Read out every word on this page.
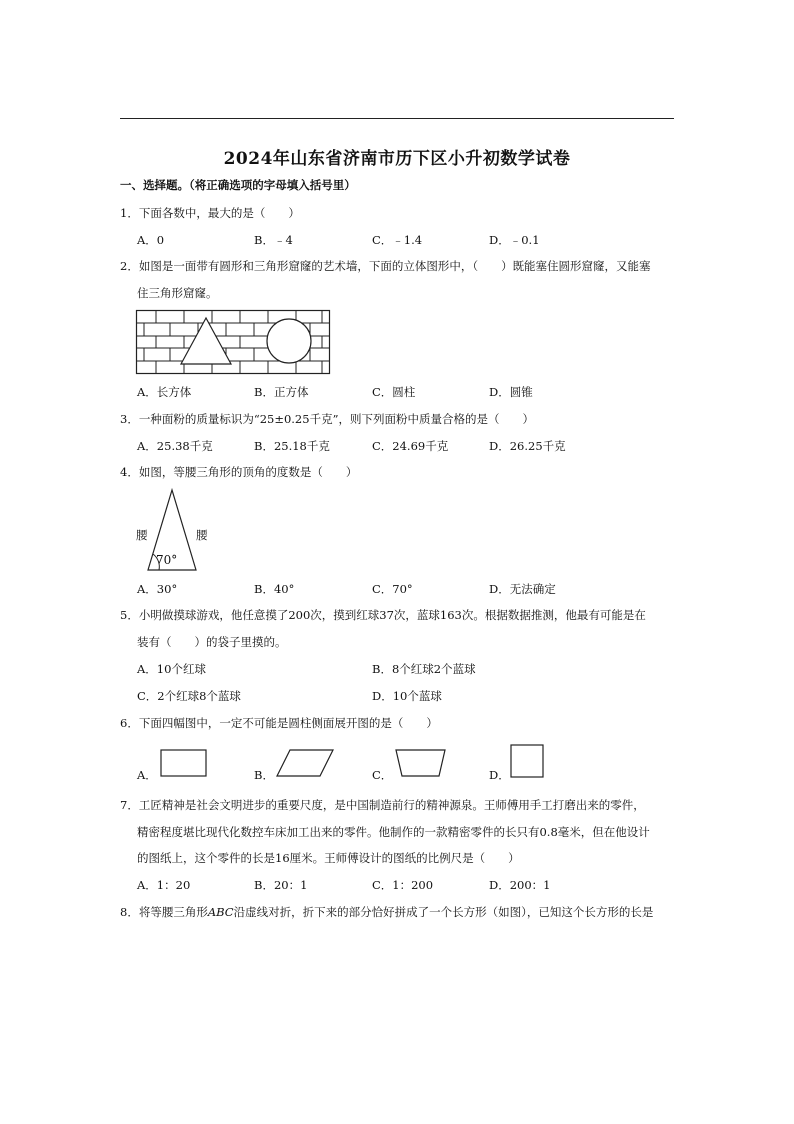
2024年山东省济南市历下区小升初数学试卷
一、选择题。（将正确选项的字母填入括号里）
1．下面各数中，最大的是（　　）
A．0	B．﹣4	C．﹣1.4	D．﹣0.1
2．如图是一面带有圆形和三角形窟窿的艺术墙，下面的立体图形中，（　　）既能塞住圆形窟窿，又能塞
住三角形窟窿。
A．长方体	B．正方体	C．圆柱	D．圆锥
3．一种面粉的质量标识为“25±0.25千克”，则下列面粉中质量合格的是（　　）
A．25.38千克	B．25.18千克	C．24.69千克	D．26.25千克
4．如图，等腰三角形的顶角的度数是（　　）
腰	腰
70°
A．30°	B．40°	C．70°	D．无法确定
5．小明做摸球游戏，他任意摸了200次，摸到红球37次，蓝球163次。根据数据推测，他最有可能是在
装有（　　）的袋子里摸的。
A．10个红球	B．8个红球2个蓝球
C．2个红球8个蓝球	D．10个蓝球
6．下面四幅图中，一定不可能是圆柱侧面展开图的是（　　）
A．	B．	C．	D．
7．工匠精神是社会文明进步的重要尺度，是中国制造前行的精神源泉。王师傅用手工打磨出来的零件，
精密程度堪比现代化数控车床加工出来的零件。他制作的一款精密零件的长只有0.8毫米，但在他设计
的图纸上，这个零件的长是16厘米。王师傅设计的图纸的比例尺是（　　）
A．1：20	B．20：1	C．1：200	D．200：1
8．将等腰三角形ABC沿虚线对折，折下来的部分恰好拼成了一个长方形（如图），已知这个长方形的长是
